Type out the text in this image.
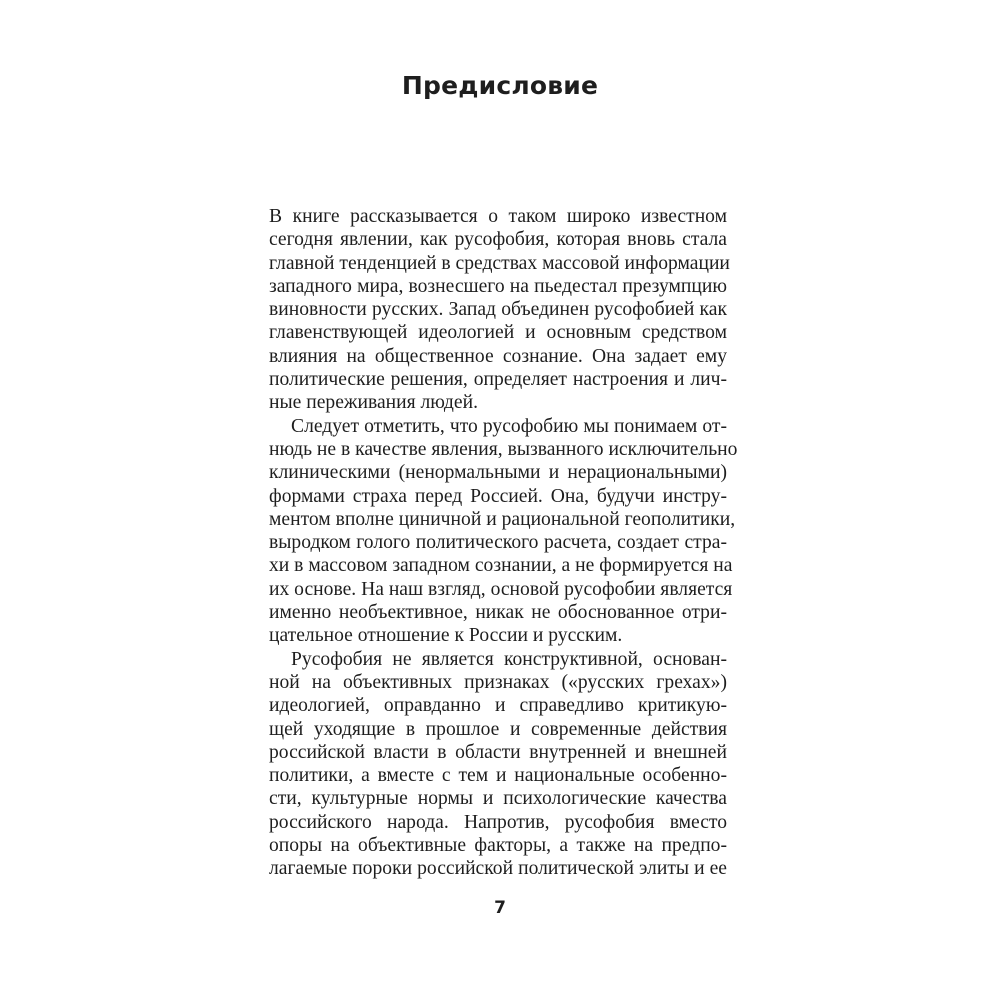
Предисловие
В книге рассказывается о таком широко известном
сегодня явлении, как русофобия, которая вновь стала
главной тенденцией в средствах массовой информации
западного мира, вознесшего на пьедестал презумпцию
виновности русских. Запад объединен русофобией как
главенствующей идеологией и основным средством
влияния на общественное сознание. Она задает ему
политические решения, определяет настроения и лич-
ные переживания людей.
Следует отметить, что русофобию мы понимаем от-
нюдь не в качестве явления, вызванного исключительно
клиническими (ненормальными и нерациональными)
формами страха перед Россией. Она, будучи инстру-
ментом вполне циничной и рациональной геополитики,
выродком голого политического расчета, создает стра-
хи в массовом западном сознании, а не формируется на
их основе. На наш взгляд, основой русофобии является
именно необъективное, никак не обоснованное отри-
цательное отношение к России и русским.
Русофобия не является конструктивной, основан-
ной на объективных признаках («русских грехах»)
идеологией, оправданно и справедливо критикую-
щей уходящие в прошлое и современные действия
российской власти в области внутренней и внешней
политики, а вместе с тем и национальные особенно-
сти, культурные нормы и психологические качества
российского народа. Напротив, русофобия вместо
опоры на объективные факторы, а также на предпо-
лагаемые пороки российской политической элиты и ее
7
